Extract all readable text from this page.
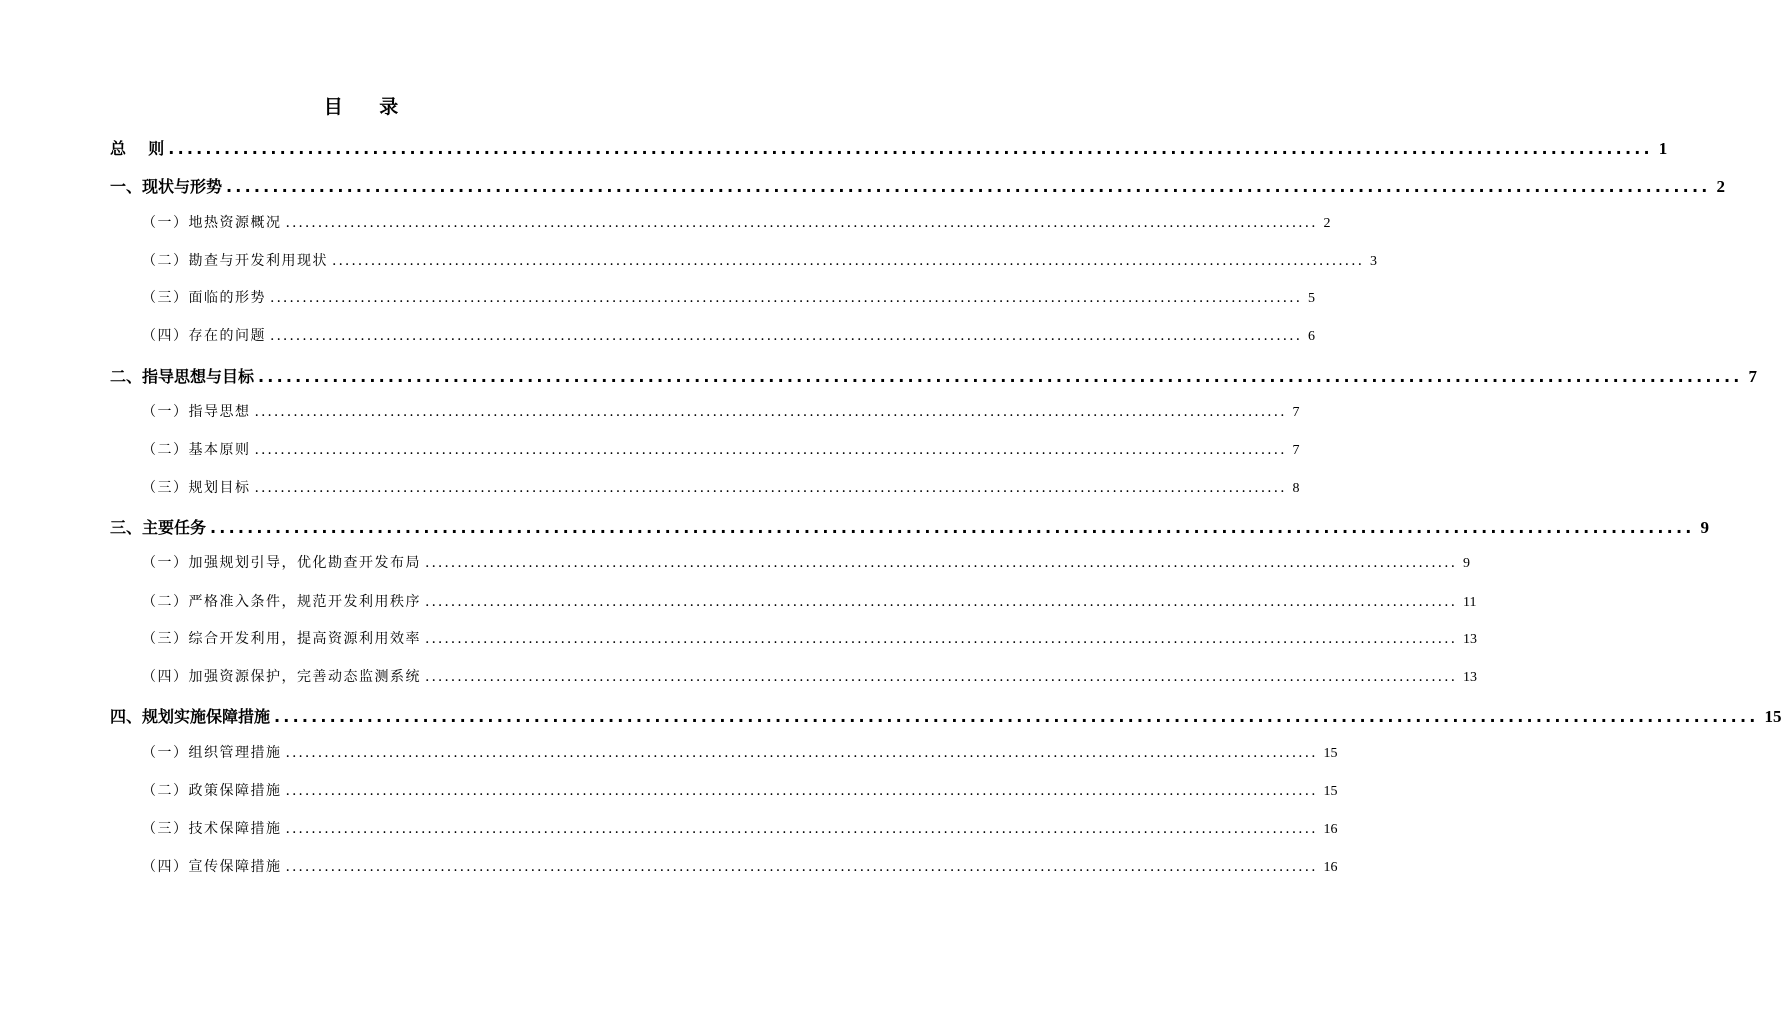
目    录
总    则 ................................................................................................................................................................ 1
一、现状与形势 ................................................................................................................................................................ 2
（一）地热资源概况 ................................................................................................................................................................ 2
（二）勘查与开发利用现状 ................................................................................................................................................................ 3
（三）面临的形势 ................................................................................................................................................................ 5
（四）存在的问题 ................................................................................................................................................................ 6
二、指导思想与目标 ................................................................................................................................................................ 7
（一）指导思想 ................................................................................................................................................................ 7
（二）基本原则 ................................................................................................................................................................ 7
（三）规划目标 ................................................................................................................................................................ 8
三、主要任务 ................................................................................................................................................................ 9
（一）加强规划引导，优化勘查开发布局 ................................................................................................................................................................ 9
（二）严格准入条件，规范开发利用秩序 ................................................................................................................................................................ 11
（三）综合开发利用，提高资源利用效率 ................................................................................................................................................................ 13
（四）加强资源保护，完善动态监测系统 ................................................................................................................................................................ 13
四、规划实施保障措施 ................................................................................................................................................................ 15
（一）组织管理措施 ................................................................................................................................................................ 15
（二）政策保障措施 ................................................................................................................................................................ 15
（三）技术保障措施 ................................................................................................................................................................ 16
（四）宣传保障措施 ................................................................................................................................................................ 16
